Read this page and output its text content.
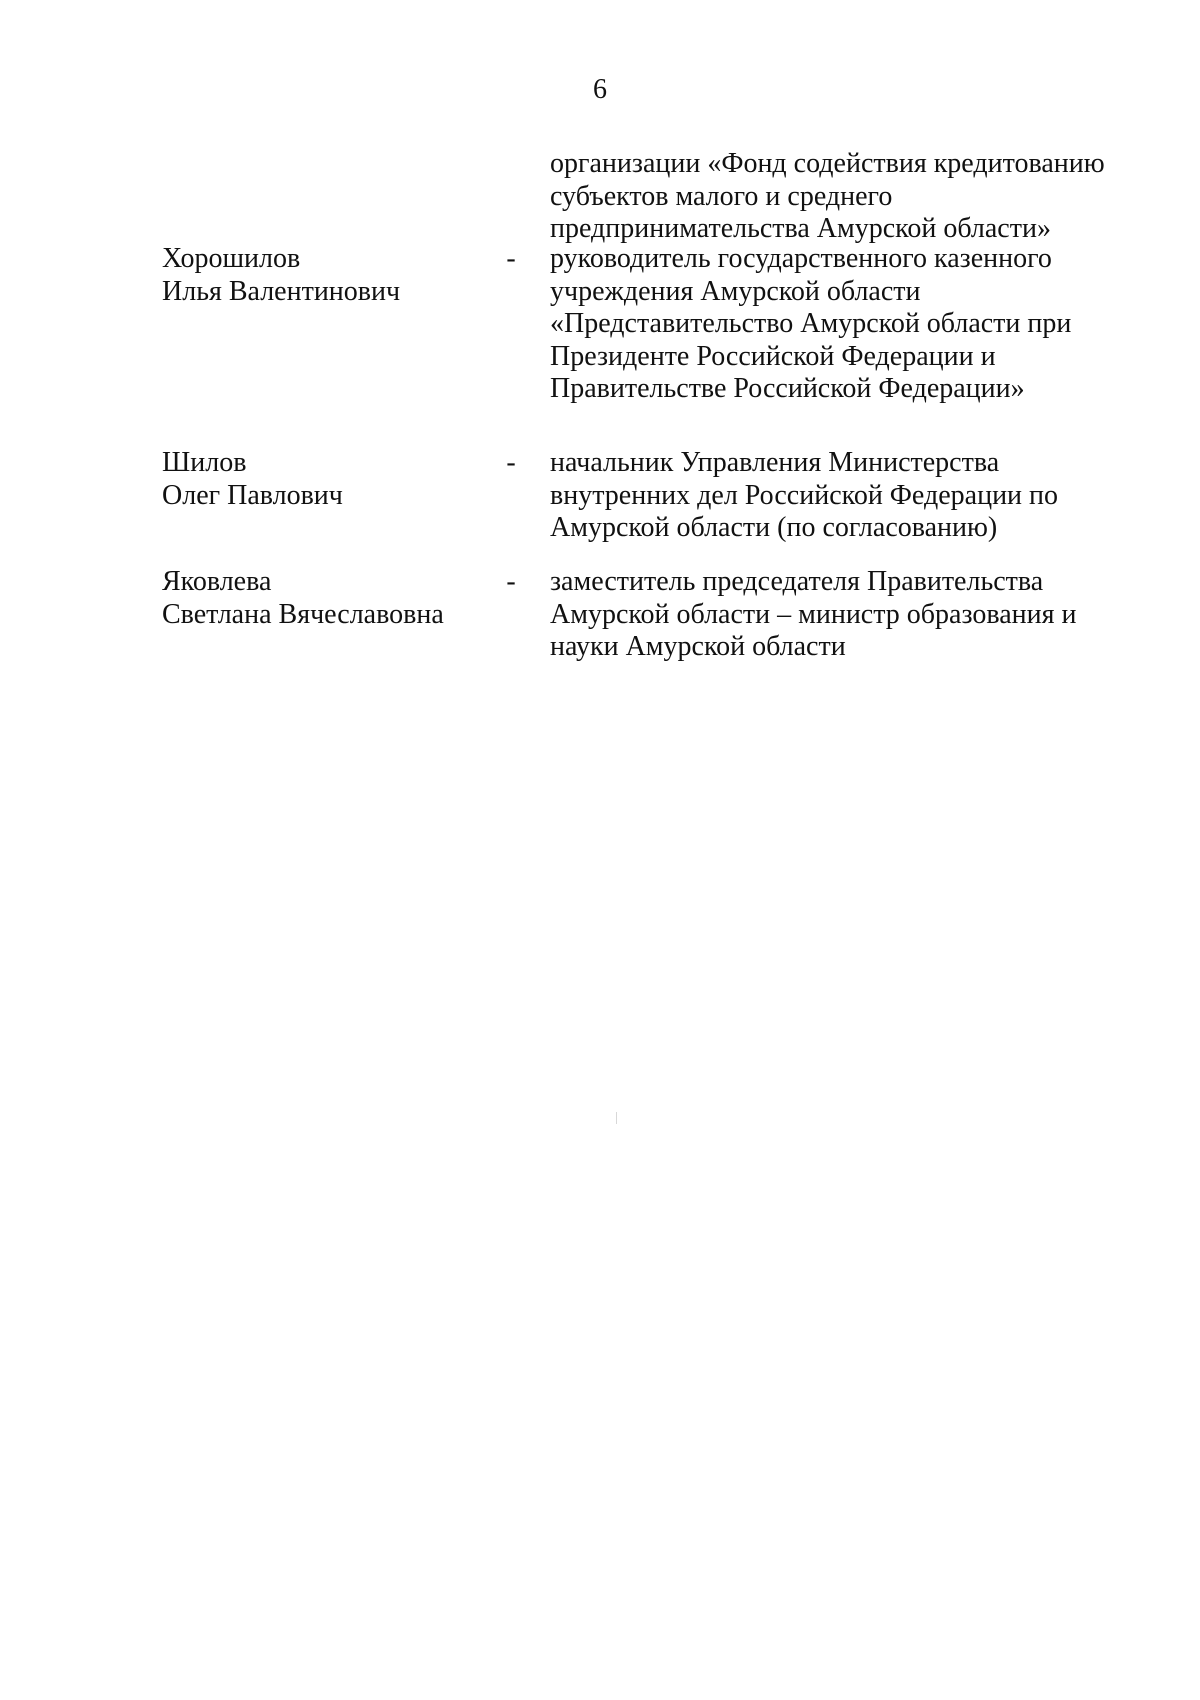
6
организации «Фонд содействия кредитованию
субъектов малого и среднего
предпринимательства Амурской области»
Хорошилов
Илья Валентинович
- руководитель государственного казенного
учреждения Амурской области
«Представительство Амурской области при
Президенте Российской Федерации и
Правительстве Российской Федерации»
Шилов
Олег Павлович
- начальник Управления Министерства
внутренних дел Российской Федерации по
Амурской области (по согласованию)
Яковлева
Светлана Вячеславовна
- заместитель председателя Правительства
Амурской области – министр образования и
науки Амурской области
